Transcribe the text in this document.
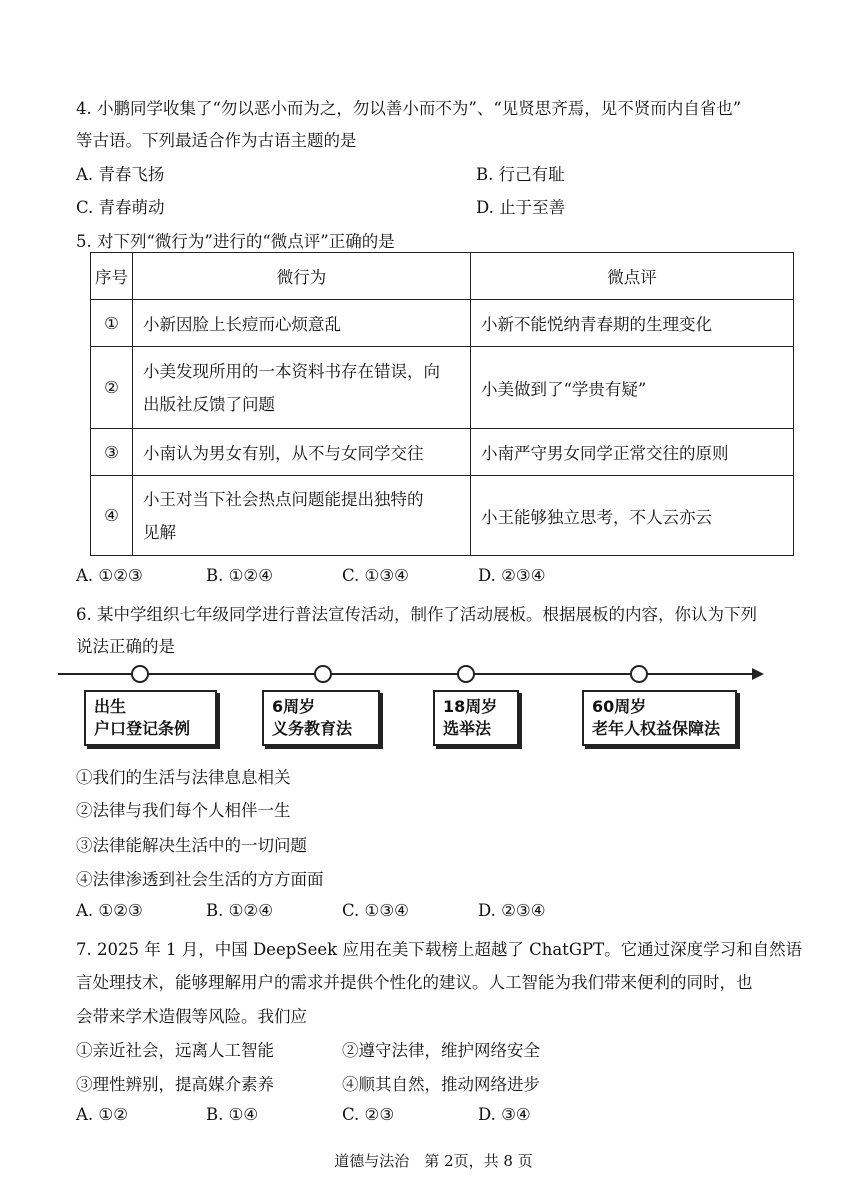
4. 小鹏同学收集了“勿以恶小而为之，勿以善小而不为”、“见贤思齐焉，见不贤而内自省也”
等古语。下列最适合作为古语主题的是
A. 青春飞扬	B. 行己有耻
C. 青春萌动	D. 止于至善
5. 对下列“微行为”进行的“微点评”正确的是
序号	微行为	微点评
①	小新因脸上长痘而心烦意乱	小新不能悦纳青春期的生理变化
②	小美发现所用的一本资料书存在错误，向
出版社反馈了问题	小美做到了“学贵有疑”
③	小南认为男女有别，从不与女同学交往	小南严守男女同学正常交往的原则
④	小王对当下社会热点问题能提出独特的
见解	小王能够独立思考，不人云亦云
A. ①②③	B. ①②④	C. ①③④	D. ②③④
6. 某中学组织七年级同学进行普法宣传活动，制作了活动展板。根据展板的内容，你认为下列
说法正确的是
出生
户口登记条例
6周岁
义务教育法
18周岁
选举法
60周岁
老年人权益保障法
①我们的生活与法律息息相关
②法律与我们每个人相伴一生
③法律能解决生活中的一切问题
④法律渗透到社会生活的方方面面
A. ①②③	B. ①②④	C. ①③④	D. ②③④
7. 2025 年 1 月，中国 DeepSeek 应用在美下载榜上超越了 ChatGPT。它通过深度学习和自然语
言处理技术，能够理解用户的需求并提供个性化的建议。人工智能为我们带来便利的同时，也
会带来学术造假等风险。我们应
①亲近社会，远离人工智能	②遵守法律，维护网络安全
③理性辨别，提高媒介素养	④顺其自然，推动网络进步
A. ①②	B. ①④	C. ②③	D. ③④
道德与法治　第 2页，共 8 页
